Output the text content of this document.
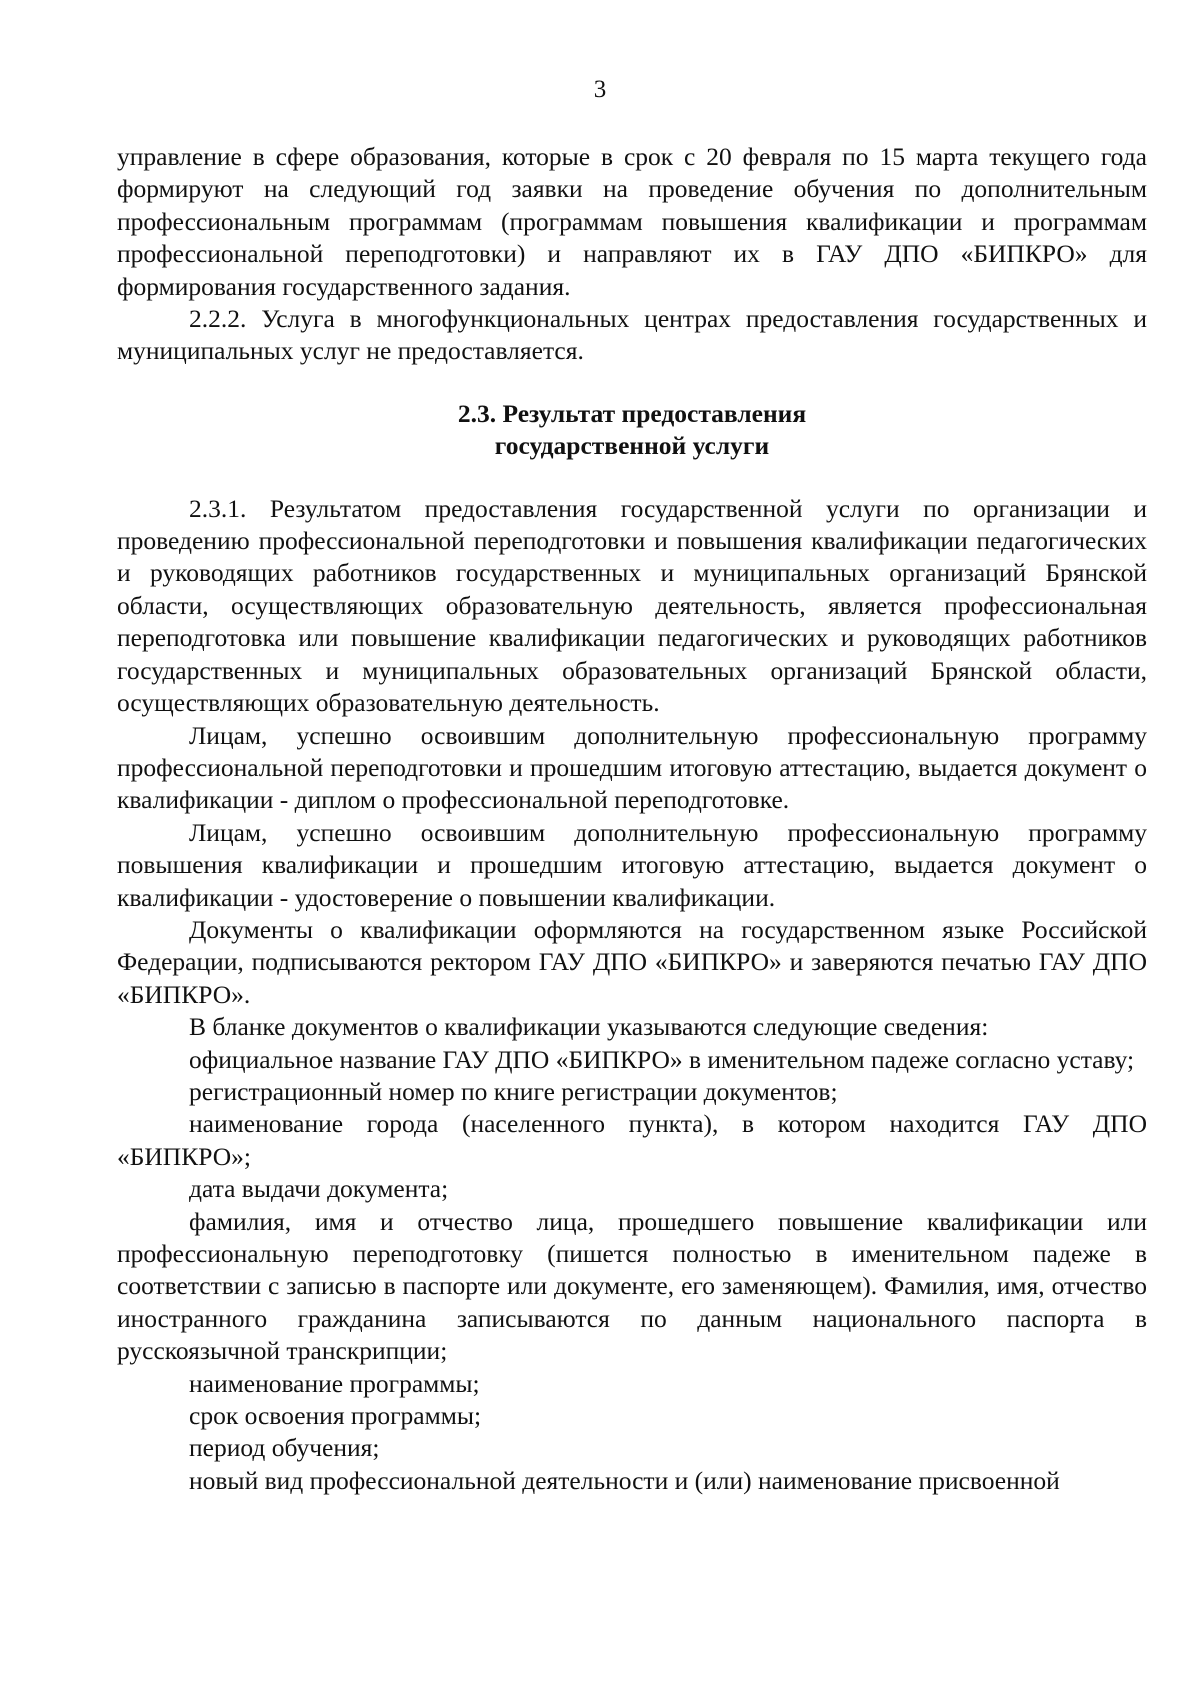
3

управление в сфере образования, которые в срок с 20 февраля по 15 марта текущего года формируют на следующий год заявки на проведение обучения по дополнительным профессиональным программам (программам повышения квалификации и программам профессиональной переподготовки) и направляют их в ГАУ ДПО «БИПКРО» для формирования государственного задания.

2.2.2. Услуга в многофункциональных центрах предоставления государственных и муниципальных услуг не предоставляется.

2.3. Результат предоставления

государственной услуги

2.3.1. Результатом предоставления государственной услуги по организации и проведению профессиональной переподготовки и повышения квалификации педагогических и руководящих работников государственных и муниципальных организаций Брянской области, осуществляющих образовательную деятельность, является профессиональная переподготовка или повышение квалификации педагогических и руководящих работников государственных и муниципальных образовательных организаций Брянской области, осуществляющих образовательную деятельность.

Лицам, успешно освоившим дополнительную профессиональную программу профессиональной переподготовки и прошедшим итоговую аттестацию, выдается документ о квалификации - диплом о профессиональной переподготовке.

Лицам, успешно освоившим дополнительную профессиональную программу повышения квалификации и прошедшим итоговую аттестацию, выдается документ о квалификации - удостоверение о повышении квалификации.

Документы о квалификации оформляются на государственном языке Российской Федерации, подписываются ректором ГАУ ДПО «БИПКРО» и заверяются печатью ГАУ ДПО «БИПКРО».

В бланке документов о квалификации указываются следующие сведения:

официальное название ГАУ ДПО «БИПКРО» в именительном падеже согласно уставу;

регистрационный номер по книге регистрации документов;

наименование города (населенного пункта), в котором находится ГАУ ДПО «БИПКРО»;

дата выдачи документа;

фамилия, имя и отчество лица, прошедшего повышение квалификации или профессиональную переподготовку (пишется полностью в именительном падеже в соответствии с записью в паспорте или документе, его заменяющем). Фамилия, имя, отчество иностранного гражданина записываются по данным национального паспорта в русскоязычной транскрипции;

наименование программы;

срок освоения программы;

период обучения;

новый вид профессиональной деятельности и (или) наименование присвоенной
